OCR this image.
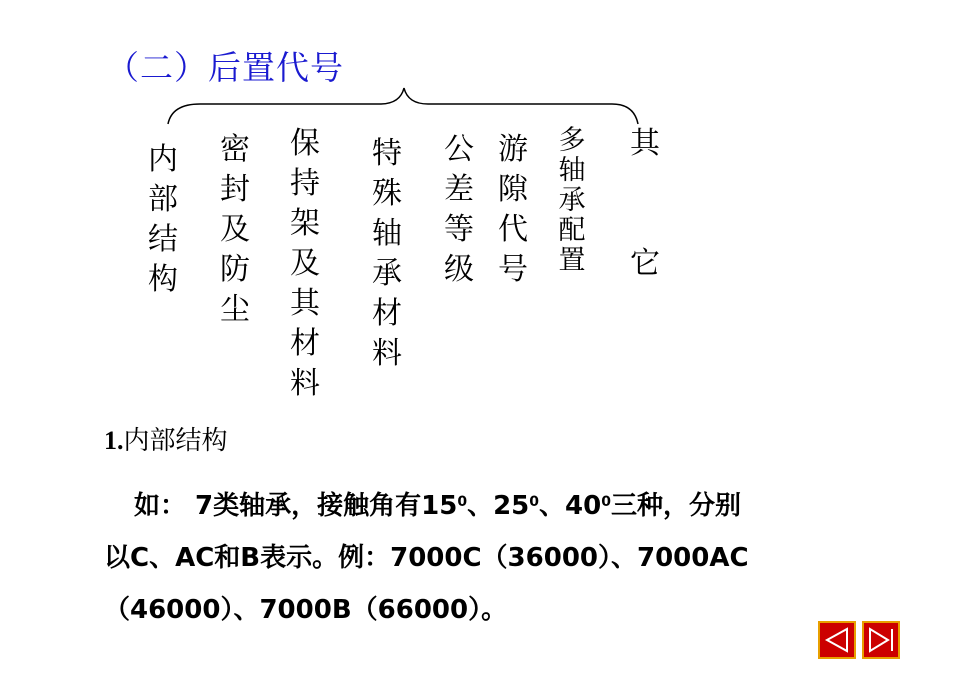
（二）后置代号
内
部
结
构
密
封
及
防
尘
保
持
架
及
其
材
料
特
殊
轴
承
材
料
公
差
等
级
游
隙
代
号
多
轴
承
配
置
其

它
1.内部结构
如： 7类轴承，接触角有$15^0$、$25^0$、$40^0$三种，分别
以C、AC和B表示。例：7000C（36000）、7000AC
（46000）、7000B（66000）。
